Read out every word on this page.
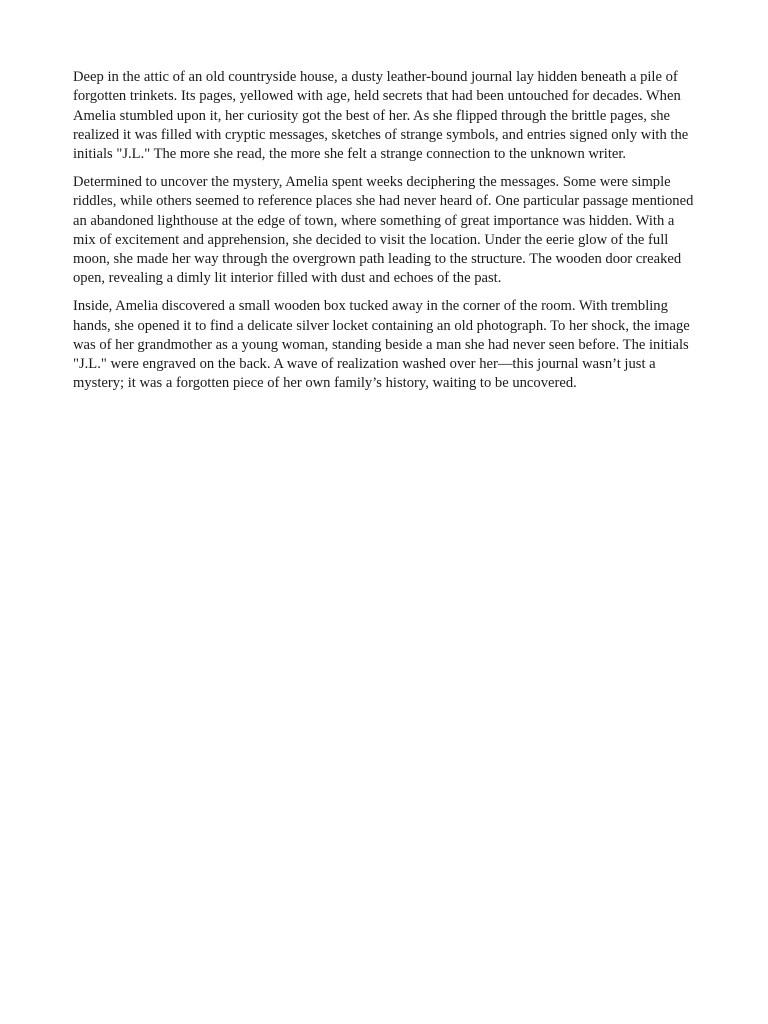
Deep in the attic of an old countryside house, a dusty leather-bound journal lay hidden beneath a pile of forgotten trinkets. Its pages, yellowed with age, held secrets that had been untouched for decades. When Amelia stumbled upon it, her curiosity got the best of her. As she flipped through the brittle pages, she realized it was filled with cryptic messages, sketches of strange symbols, and entries signed only with the initials "J.L." The more she read, the more she felt a strange connection to the unknown writer.

Determined to uncover the mystery, Amelia spent weeks deciphering the messages. Some were simple riddles, while others seemed to reference places she had never heard of. One particular passage mentioned an abandoned lighthouse at the edge of town, where something of great importance was hidden. With a mix of excitement and apprehension, she decided to visit the location. Under the eerie glow of the full moon, she made her way through the overgrown path leading to the structure. The wooden door creaked open, revealing a dimly lit interior filled with dust and echoes of the past.

Inside, Amelia discovered a small wooden box tucked away in the corner of the room. With trembling hands, she opened it to find a delicate silver locket containing an old photograph. To her shock, the image was of her grandmother as a young woman, standing beside a man she had never seen before. The initials "J.L." were engraved on the back. A wave of realization washed over her—this journal wasn’t just a mystery; it was a forgotten piece of her own family’s history, waiting to be uncovered.
